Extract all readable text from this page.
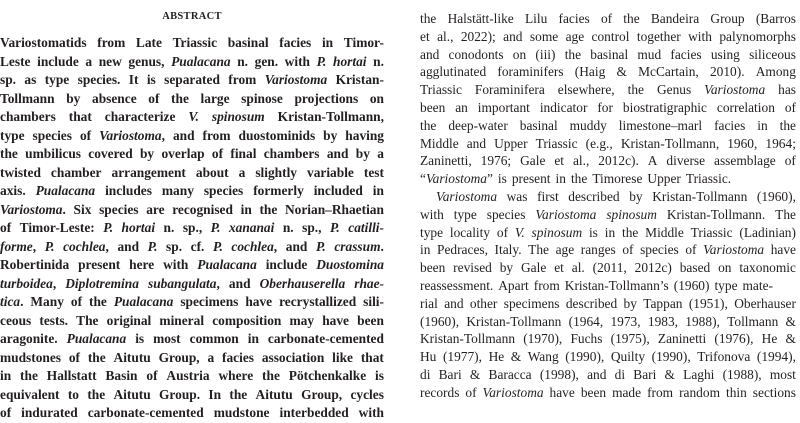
ABSTRACT
Variostomatids from Late Triassic basinal facies in Timor-
Leste include a new genus, Pualacana n. gen. with P. hortai n.
sp. as type species. It is separated from Variostoma Kristan-
Tollmann by absence of the large spinose projections on
chambers that characterize V. spinosum Kristan-Tollmann,
type species of Variostoma, and from duostominids by having
the umbilicus covered by overlap of final chambers and by a
twisted chamber arrangement about a slightly variable test
axis. Pualacana includes many species formerly included in
Variostoma. Six species are recognised in the Norian–Rhaetian
of Timor-Leste: P. hortai n. sp., P. xananai n. sp., P. catilli-
forme, P. cochlea, and P. sp. cf. P. cochlea, and P. crassum.
Robertinida present here with Pualacana include Duostomina
turboidea, Diplotremina subangulata, and Oberhauserella rhae-
tica. Many of the Pualacana specimens have recrystallized sili-
ceous tests. The original mineral composition may have been
aragonite. Pualacana is most common in carbonate-cemented
mudstones of the Aitutu Group, a facies association like that
in the Hallstatt Basin of Austria where the Pötchenkalke is
equivalent to the Aitutu Group. In the Aitutu Group, cycles
of indurated carbonate-cemented mudstone interbedded with
the Halstätt-like Lilu facies of the Bandeira Group (Barros
et al., 2022); and some age control together with palynomorphs
and conodonts on (iii) the basinal mud facies using siliceous
agglutinated foraminifers (Haig & McCartain, 2010). Among
Triassic Foraminifera elsewhere, the Genus Variostoma has
been an important indicator for biostratigraphic correlation of
the deep-water basinal muddy limestone–marl facies in the
Middle and Upper Triassic (e.g., Kristan-Tollmann, 1960, 1964;
Zaninetti, 1976; Gale et al., 2012c). A diverse assemblage of
“Variostoma” is present in the Timorese Upper Triassic.
Variostoma was first described by Kristan-Tollmann (1960),
with type species Variostoma spinosum Kristan-Tollmann. The
type locality of V. spinosum is in the Middle Triassic (Ladinian)
in Pedraces, Italy. The age ranges of species of Variostoma have
been revised by Gale et al. (2011, 2012c) based on taxonomic
reassessment. Apart from Kristan-Tollmann’s (1960) type mate-
rial and other specimens described by Tappan (1951), Oberhauser
(1960), Kristan-Tollmann (1964, 1973, 1983, 1988), Tollmann &
Kristan-Tollmann (1970), Fuchs (1975), Zaninetti (1976), He &
Hu (1977), He & Wang (1990), Quilty (1990), Trifonova (1994),
di Bari & Baracca (1998), and di Bari & Laghi (1988), most
records of Variostoma have been made from random thin sections
